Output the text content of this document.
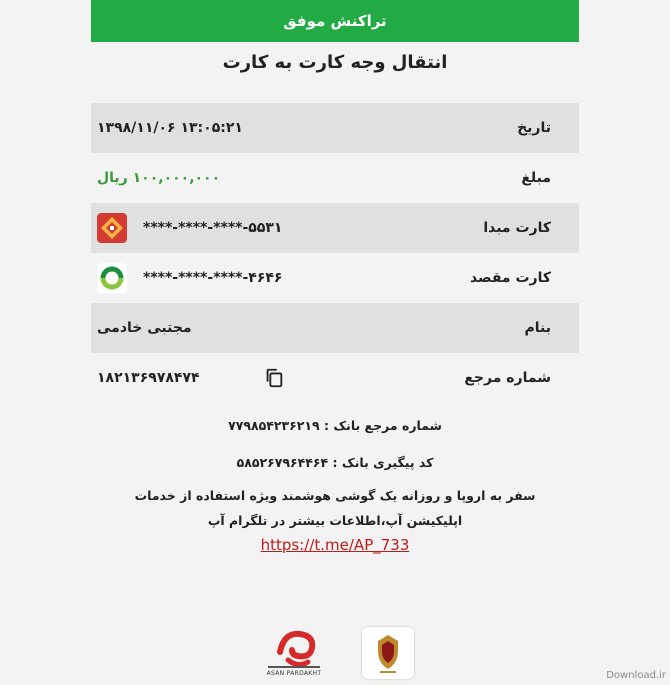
تراکنش موفق
انتقال وجه کارت به کارت
تاریخ
۱۳۹۸/۱۱/۰۶ ۱۳:۰۵:۲۱
مبلغ
۱۰۰,۰۰۰,۰۰۰ ریال
کارت مبدا
****-****-****-۵۵۳۱
کارت مقصد
****-****-****-۴۶۴۶
بنام
مجتبی خادمی
شماره مرجع
۱۸۲۱۳۶۹۷۸۴۷۴
شماره مرجع بانک : ۷۷۹۸۵۴۲۳۶۲۱۹
کد پیگیری بانک : ۵۸۵۲۶۷۹۶۴۴۶۴
سفر به اروپا و روزانه یک گوشی هوشمند ویژه استفاده از خدمات
اپلیکیشن آپ،اطلاعات بیشتر در تلگرام آپ
https://t.me/AP_733
ASAN PARDAKHT	Download.ir
